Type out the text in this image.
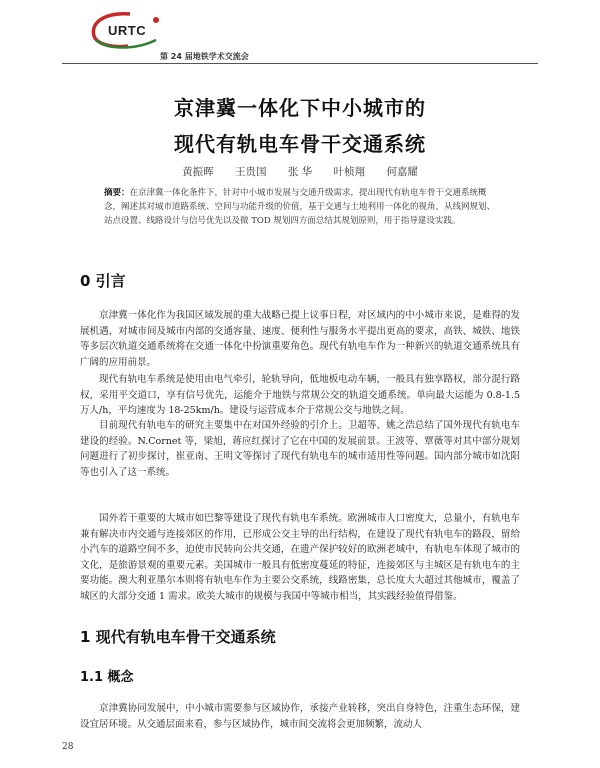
URTC
第 24 届地铁学术交流会
京津冀一体化下中小城市的
现代有轨电车骨干交通系统
黄振晖 王贵国 张 华 叶桢翔 何嘉耀
摘要：在京津冀一体化条件下，针对中小城市发展与交通升级需求，提出现代有轨电车骨干交通系统概念，阐述其对城市道路系统、空间与功能升级的价值，基于交通与土地利用一体化的视角，从线网规划、站点设置、线路设计与信号优先以及微 TOD 规划四方面总结其规划原则，用于指导建设实践。
0 引言
京津冀一体化作为我国区域发展的重大战略已提上议事日程，对区域内的中小城市来说，是难得的发展机遇，对城市间及城市内部的交通容量、速度、便利性与服务水平提出更高的要求，高铁、城铁、地铁等多层次轨道交通系统将在交通一体化中扮演重要角色。现代有轨电车作为一种新兴的轨道交通系统具有广阔的应用前景。
现代有轨电车系统是使用由电气牵引，轮轨导向，低地板电动车辆，一般具有独享路权，部分混行路权，采用平交道口，享有信号优先，运能介于地铁与常规公交的轨道交通系统。单向最大运能为 0.8-1.5 万人/h，平均速度为 18-25km/h。建设与运营成本介于常规公交与地铁之间。
目前现代有轨电车的研究主要集中在对国外经验的引介上。卫超等、姚之浩总结了国外现代有轨电车建设的经验。N.Cornet 等，梁旭，蒋应红探讨了它在中国的发展前景。王波等、覃薇等对其中部分规划问题进行了初步探讨，崔亚南、王明文等探讨了现代有轨电车的城市适用性等问题。国内部分城市如沈阳等也引入了这一系统。
国外若干重要的大城市如巴黎等建设了现代有轨电车系统。欧洲城市人口密度大，总量小，有轨电车兼有解决市内交通与连接郊区的作用，已形成公交主导的出行结构，在建设了现代有轨电车的路段，留给小汽车的道路空间不多，迫使市民转向公共交通，在遗产保护较好的欧洲老城中，有轨电车体现了城市的文化，是旅游景观的重要元素。美国城市一般具有低密度蔓延的特征，连接郊区与主城区是有轨电车的主要功能。澳大利亚墨尔本则将有轨电车作为主要公交系统，线路密集，总长度大大超过其他城市，覆盖了城区的大部分交通 1 需求。欧美大城市的规模与我国中等城市相当，其实践经验值得借鉴。
1 现代有轨电车骨干交通系统
1.1 概念
京津冀协同发展中，中小城市需要参与区域协作，承接产业转移，突出自身特色，注重生态环保，建设宜居环境。从交通层面来看，参与区域协作，城市间交流将会更加频繁，流动人
28
